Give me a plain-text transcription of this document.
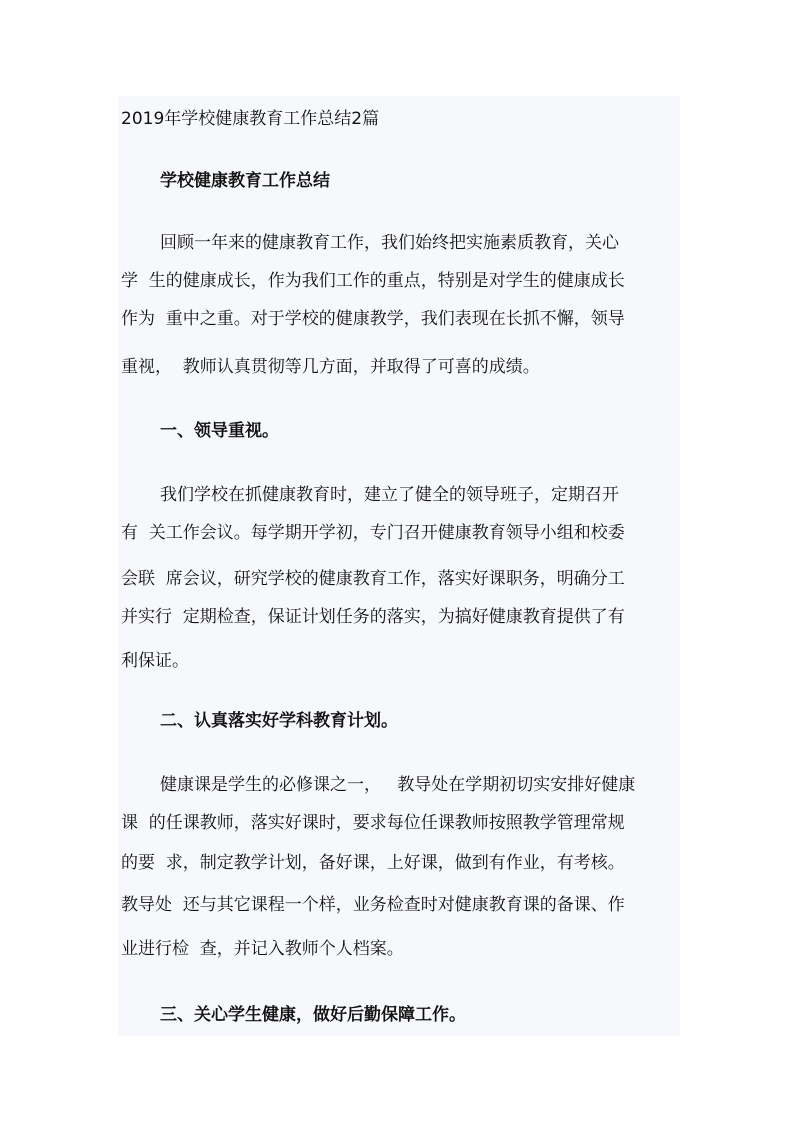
2019年学校健康教育工作总结2篇
学校健康教育工作总结
回顾一年来的健康教育工作，我们始终把实施素质教育，关心
学  生的健康成长，作为我们工作的重点，特别是对学生的健康成长
作为  重中之重。对于学校的健康教学，我们表现在长抓不懈，领导
重视，  教师认真贯彻等几方面，并取得了可喜的成绩。
一、领导重视。
我们学校在抓健康教育时，建立了健全的领导班子，定期召开
有  关工作会议。每学期开学初，专门召开健康教育领导小组和校委
会联  席会议，研究学校的健康教育工作，落实好课职务，明确分工
并实行  定期检查，保证计划任务的落实，为搞好健康教育提供了有
利保证。
二、认真落实好学科教育计划。
健康课是学生的必修课之一，   教导处在学期初切实安排好健康
课  的任课教师，落实好课时，要求每位任课教师按照教学管理常规
的要  求，制定教学计划，备好课，上好课，做到有作业，有考核。
教导处  还与其它课程一个样，业务检查时对健康教育课的备课、作
业进行检  查，并记入教师个人档案。
三、关心学生健康，做好后勤保障工作。
